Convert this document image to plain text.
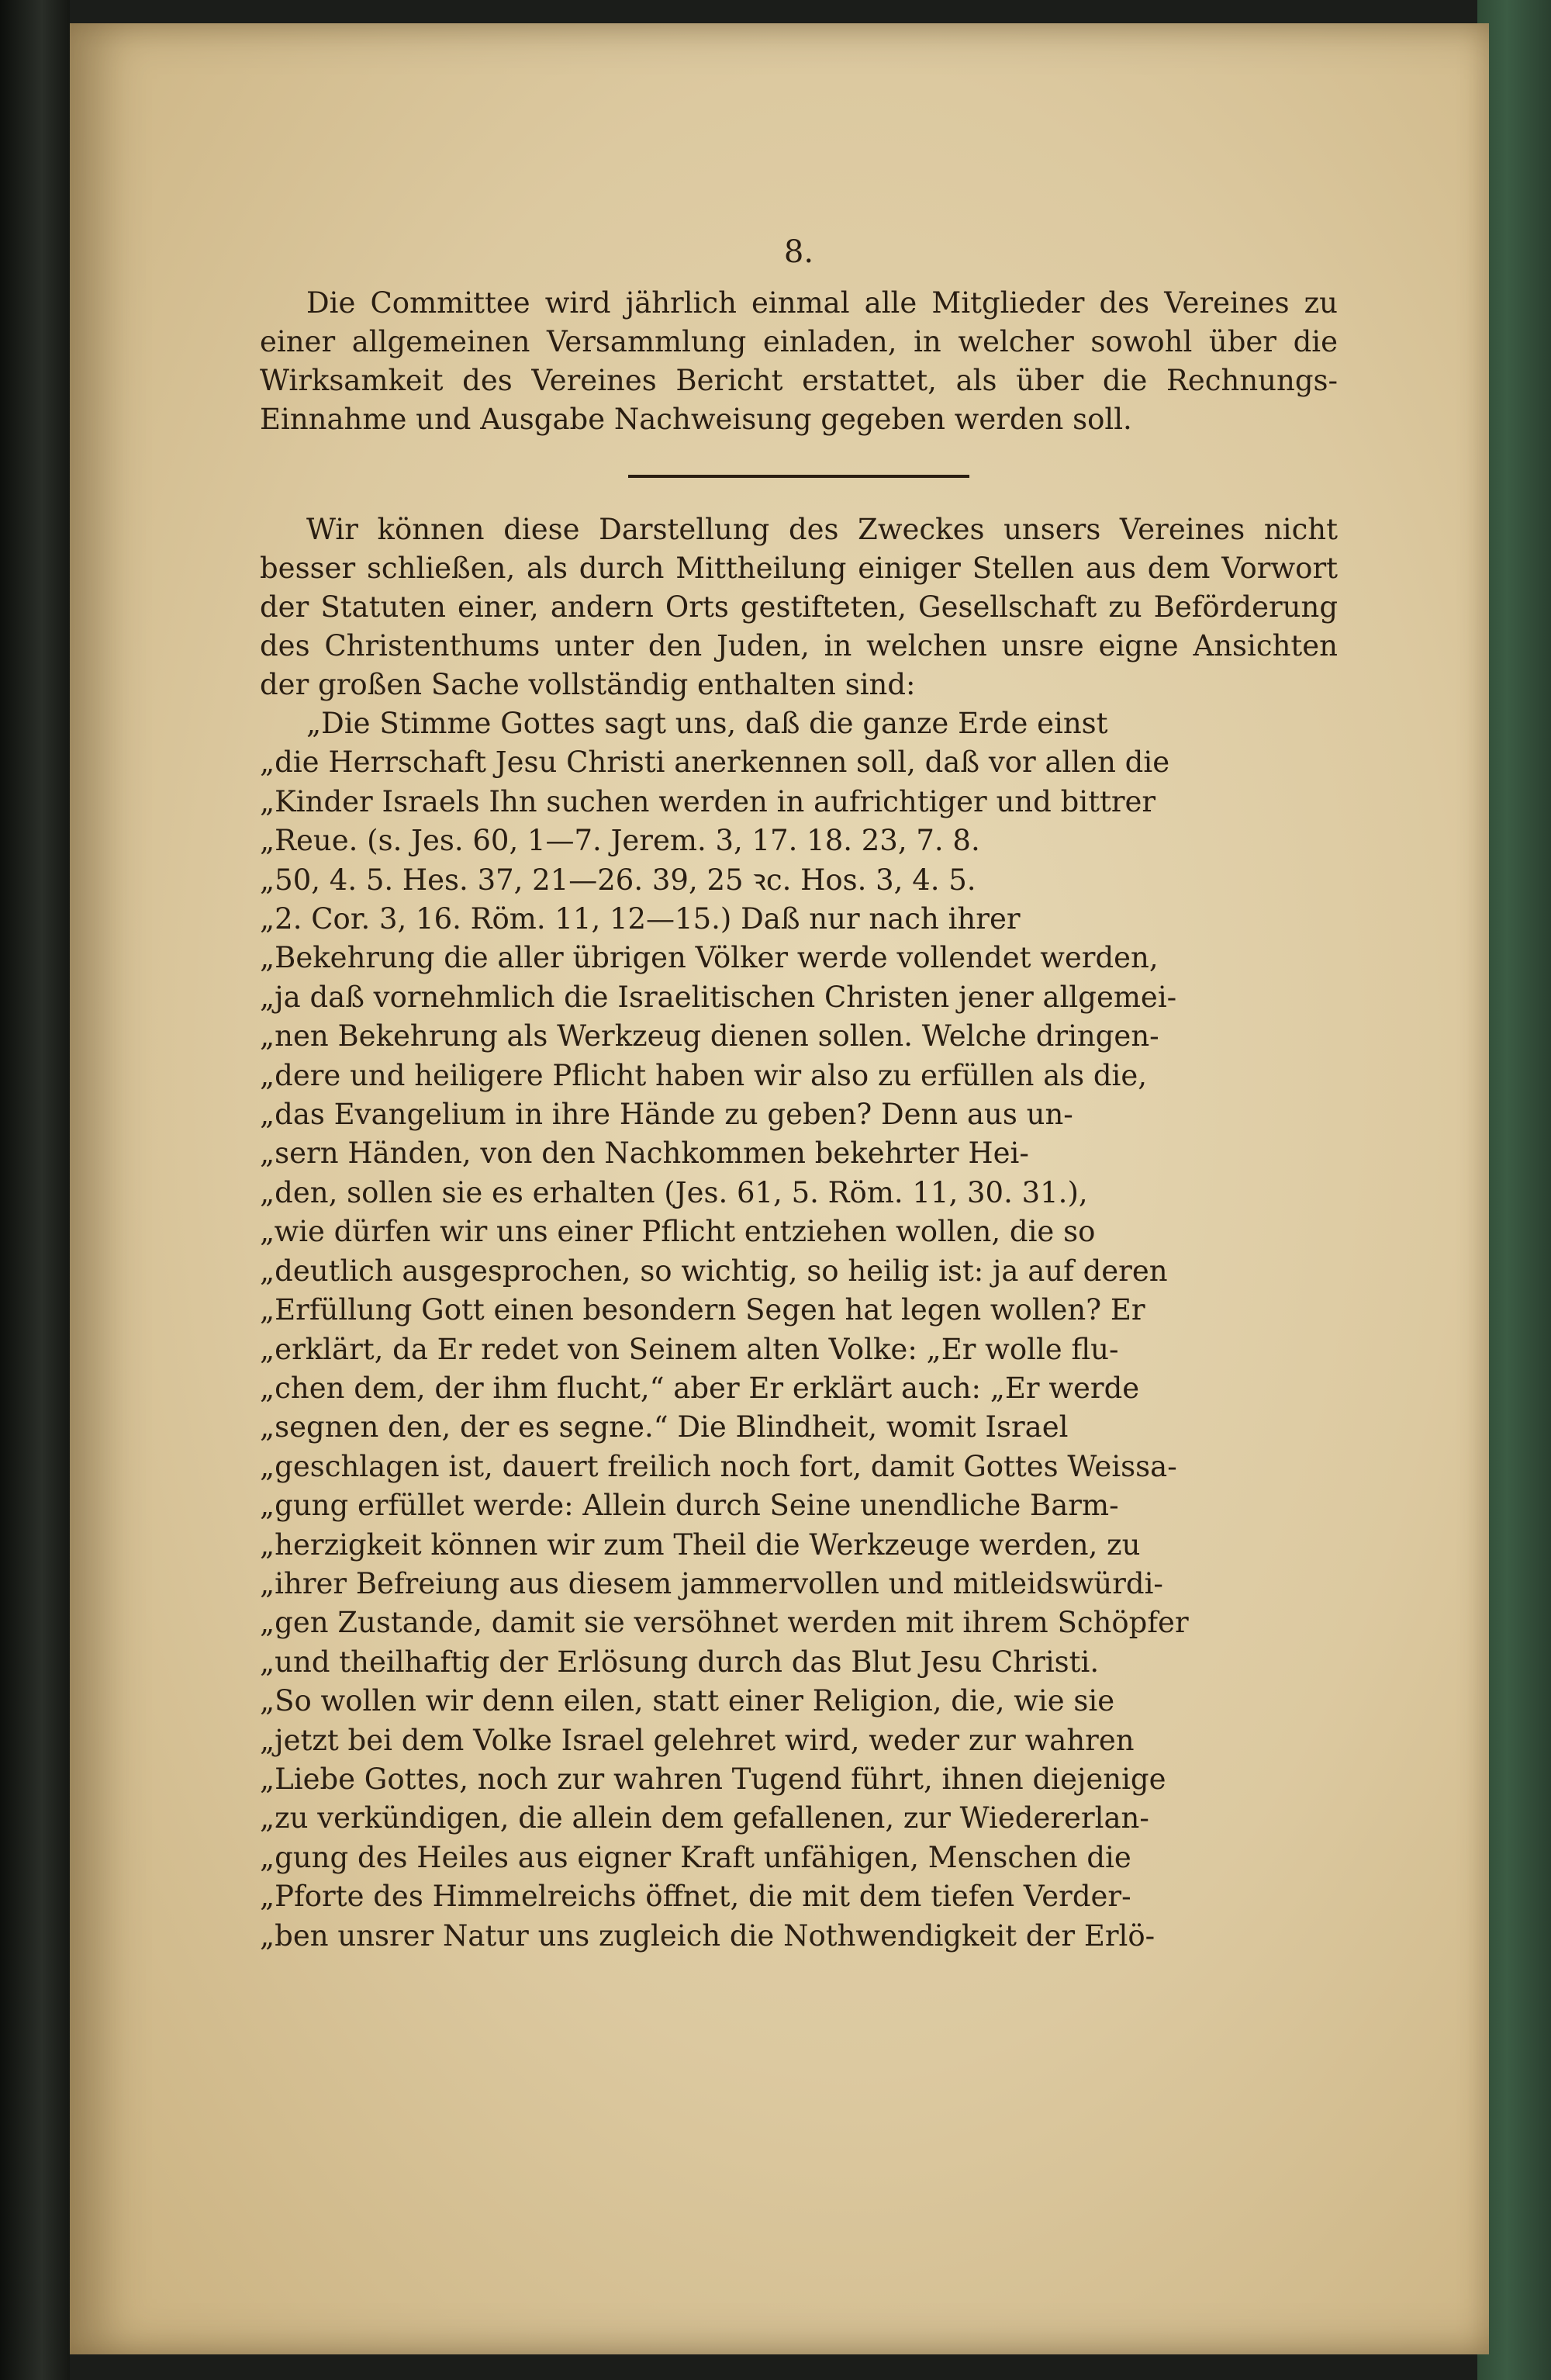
8.

Die Committee wird jährlich einmal alle Mitglieder des Vereines zu einer allgemeinen Versammlung einladen, in welcher sowohl über die Wirksamkeit des Vereines Bericht erstattet, als über die Rechnungs-Einnahme und Ausgabe Nachweisung gegeben werden soll.

Wir können diese Darstellung des Zweckes unsers Vereines nicht besser schließen, als durch Mittheilung einiger Stellen aus dem Vorwort der Statuten einer, andern Orts gestifteten, Gesellschaft zu Beförderung des Christenthums unter den Juden, in welchen unsre eigne Ansichten der großen Sache vollständig enthalten sind:

„Die Stimme Gottes sagt uns, daß die ganze Erde einst
„die Herrschaft Jesu Christi anerkennen soll, daß vor allen die
„Kinder Israels Ihn suchen werden in aufrichtiger und bittrer
„Reue. (s. Jes. 60, 1—7. Jerem. 3, 17. 18. 23, 7. 8.
„50, 4. 5. Hes. 37, 21—26. 39, 25 ꝛc. Hos. 3, 4. 5.
„2. Cor. 3, 16. Röm. 11, 12—15.) Daß nur nach ihrer
„Bekehrung die aller übrigen Völker werde vollendet werden,
„ja daß vornehmlich die Israelitischen Christen jener allgemei-
„nen Bekehrung als Werkzeug dienen sollen. Welche dringen-
„dere und heiligere Pflicht haben wir also zu erfüllen als die,
„das Evangelium in ihre Hände zu geben? Denn aus un-
„sern Händen, von den Nachkommen bekehrter Hei-
„den, sollen sie es erhalten (Jes. 61, 5. Röm. 11, 30. 31.),
„wie dürfen wir uns einer Pflicht entziehen wollen, die so
„deutlich ausgesprochen, so wichtig, so heilig ist: ja auf deren
„Erfüllung Gott einen besondern Segen hat legen wollen? Er
„erklärt, da Er redet von Seinem alten Volke: „Er wolle flu-
„chen dem, der ihm flucht,“ aber Er erklärt auch: „Er werde
„segnen den, der es segne.“ Die Blindheit, womit Israel
„geschlagen ist, dauert freilich noch fort, damit Gottes Weissa-
„gung erfüllet werde: Allein durch Seine unendliche Barm-
„herzigkeit können wir zum Theil die Werkzeuge werden, zu
„ihrer Befreiung aus diesem jammervollen und mitleidswürdi-
„gen Zustande, damit sie versöhnet werden mit ihrem Schöpfer
„und theilhaftig der Erlösung durch das Blut Jesu Christi.
„So wollen wir denn eilen, statt einer Religion, die, wie sie
„jetzt bei dem Volke Israel gelehret wird, weder zur wahren
„Liebe Gottes, noch zur wahren Tugend führt, ihnen diejenige
„zu verkündigen, die allein dem gefallenen, zur Wiedererlan-
„gung des Heiles aus eigner Kraft unfähigen, Menschen die
„Pforte des Himmelreichs öffnet, die mit dem tiefen Verder-
„ben unsrer Natur uns zugleich die Nothwendigkeit der Erlö-
